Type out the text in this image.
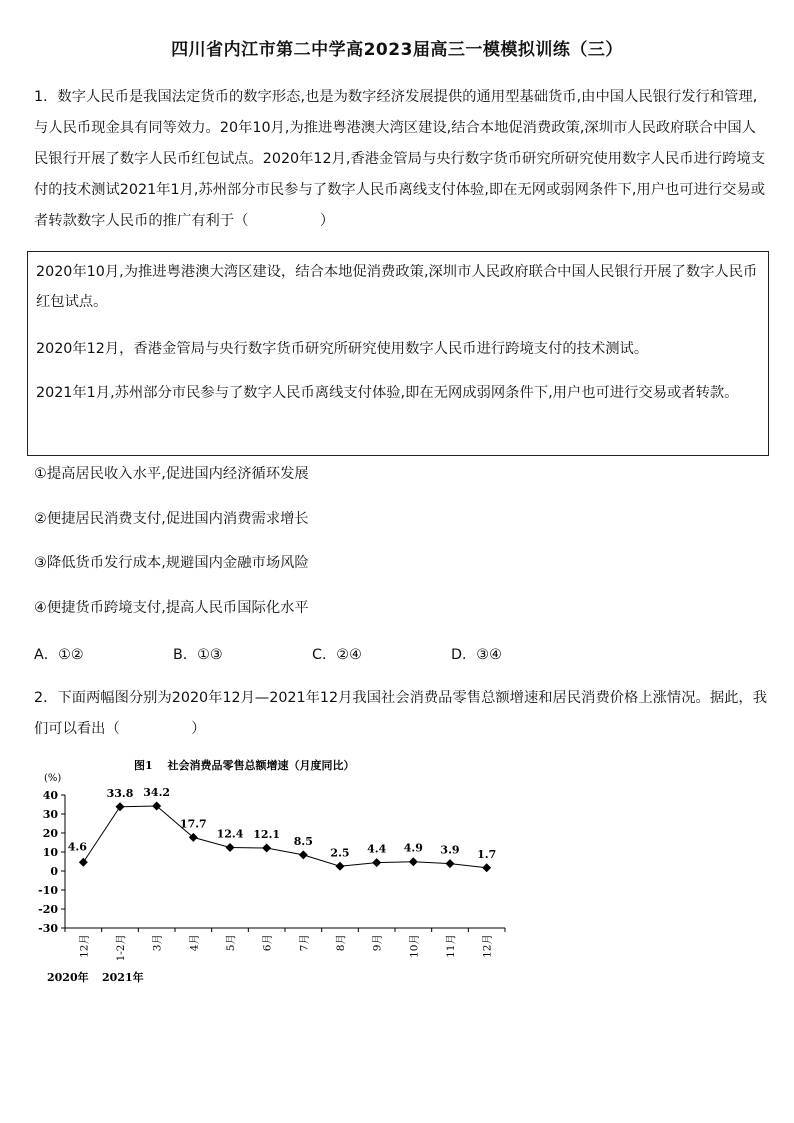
四川省内江市第二中学高2023届高三一模模拟训练（三）

1．数字人民币是我国法定货币的数字形态,也是为数字经济发展提供的通用型基础货币,由中国人民银行发行和管理,与人民币现金具有同等效力。20年10月,为推进粤港澳大湾区建设,结合本地促消费政策,深圳市人民政府联合中国人民银行开展了数字人民币红包试点。2020年12月,香港金管局与央行数字货币研究所研究使用数字人民币进行跨境支付的技术测试2021年1月,苏州部分市民参与了数字人民币离线支付体验,即在无网或弱网条件下,用户也可进行交易或者转款数字人民币的推广有利于（　　　　　）

2020年10月,为推进粤港澳大湾区建设，结合本地促消费政策,深圳市人民政府联合中国人民银行开展了数字人民币红包试点。

2020年12月，香港金管局与央行数字货币研究所研究使用数字人民币进行跨境支付的技术测试。

2021年1月,苏州部分市民参与了数字人民币离线支付体验,即在无网成弱网条件下,用户也可进行交易或者转款。

①提高居民收入水平,促进国内经济循环发展
②便捷居民消费支付,促进国内消费需求增长
③降低货币发行成本,规避国内金融市场风险
④便捷货币跨境支付,提高人民币国际化水平
A．①②	B．①③	C．②④	D．③④

2．下面两幅图分别为2020年12月—2021年12月我国社会消费品零售总额增速和居民消费价格上涨情况。据此，我们可以看出（　　　　　）

图1　 社会消费品零售总额增速（月度同比）
(%)
40
30
20
10
0
-10
-20
-30
12月 1-2月 3月 4月 5月 6月 7月 8月 9月 10月 11月 12月
4.6
33.8 34.2
17.7
12.4 12.1
8.5
2.5 4.4 4.9 3.9 1.7
2020年 2021年
